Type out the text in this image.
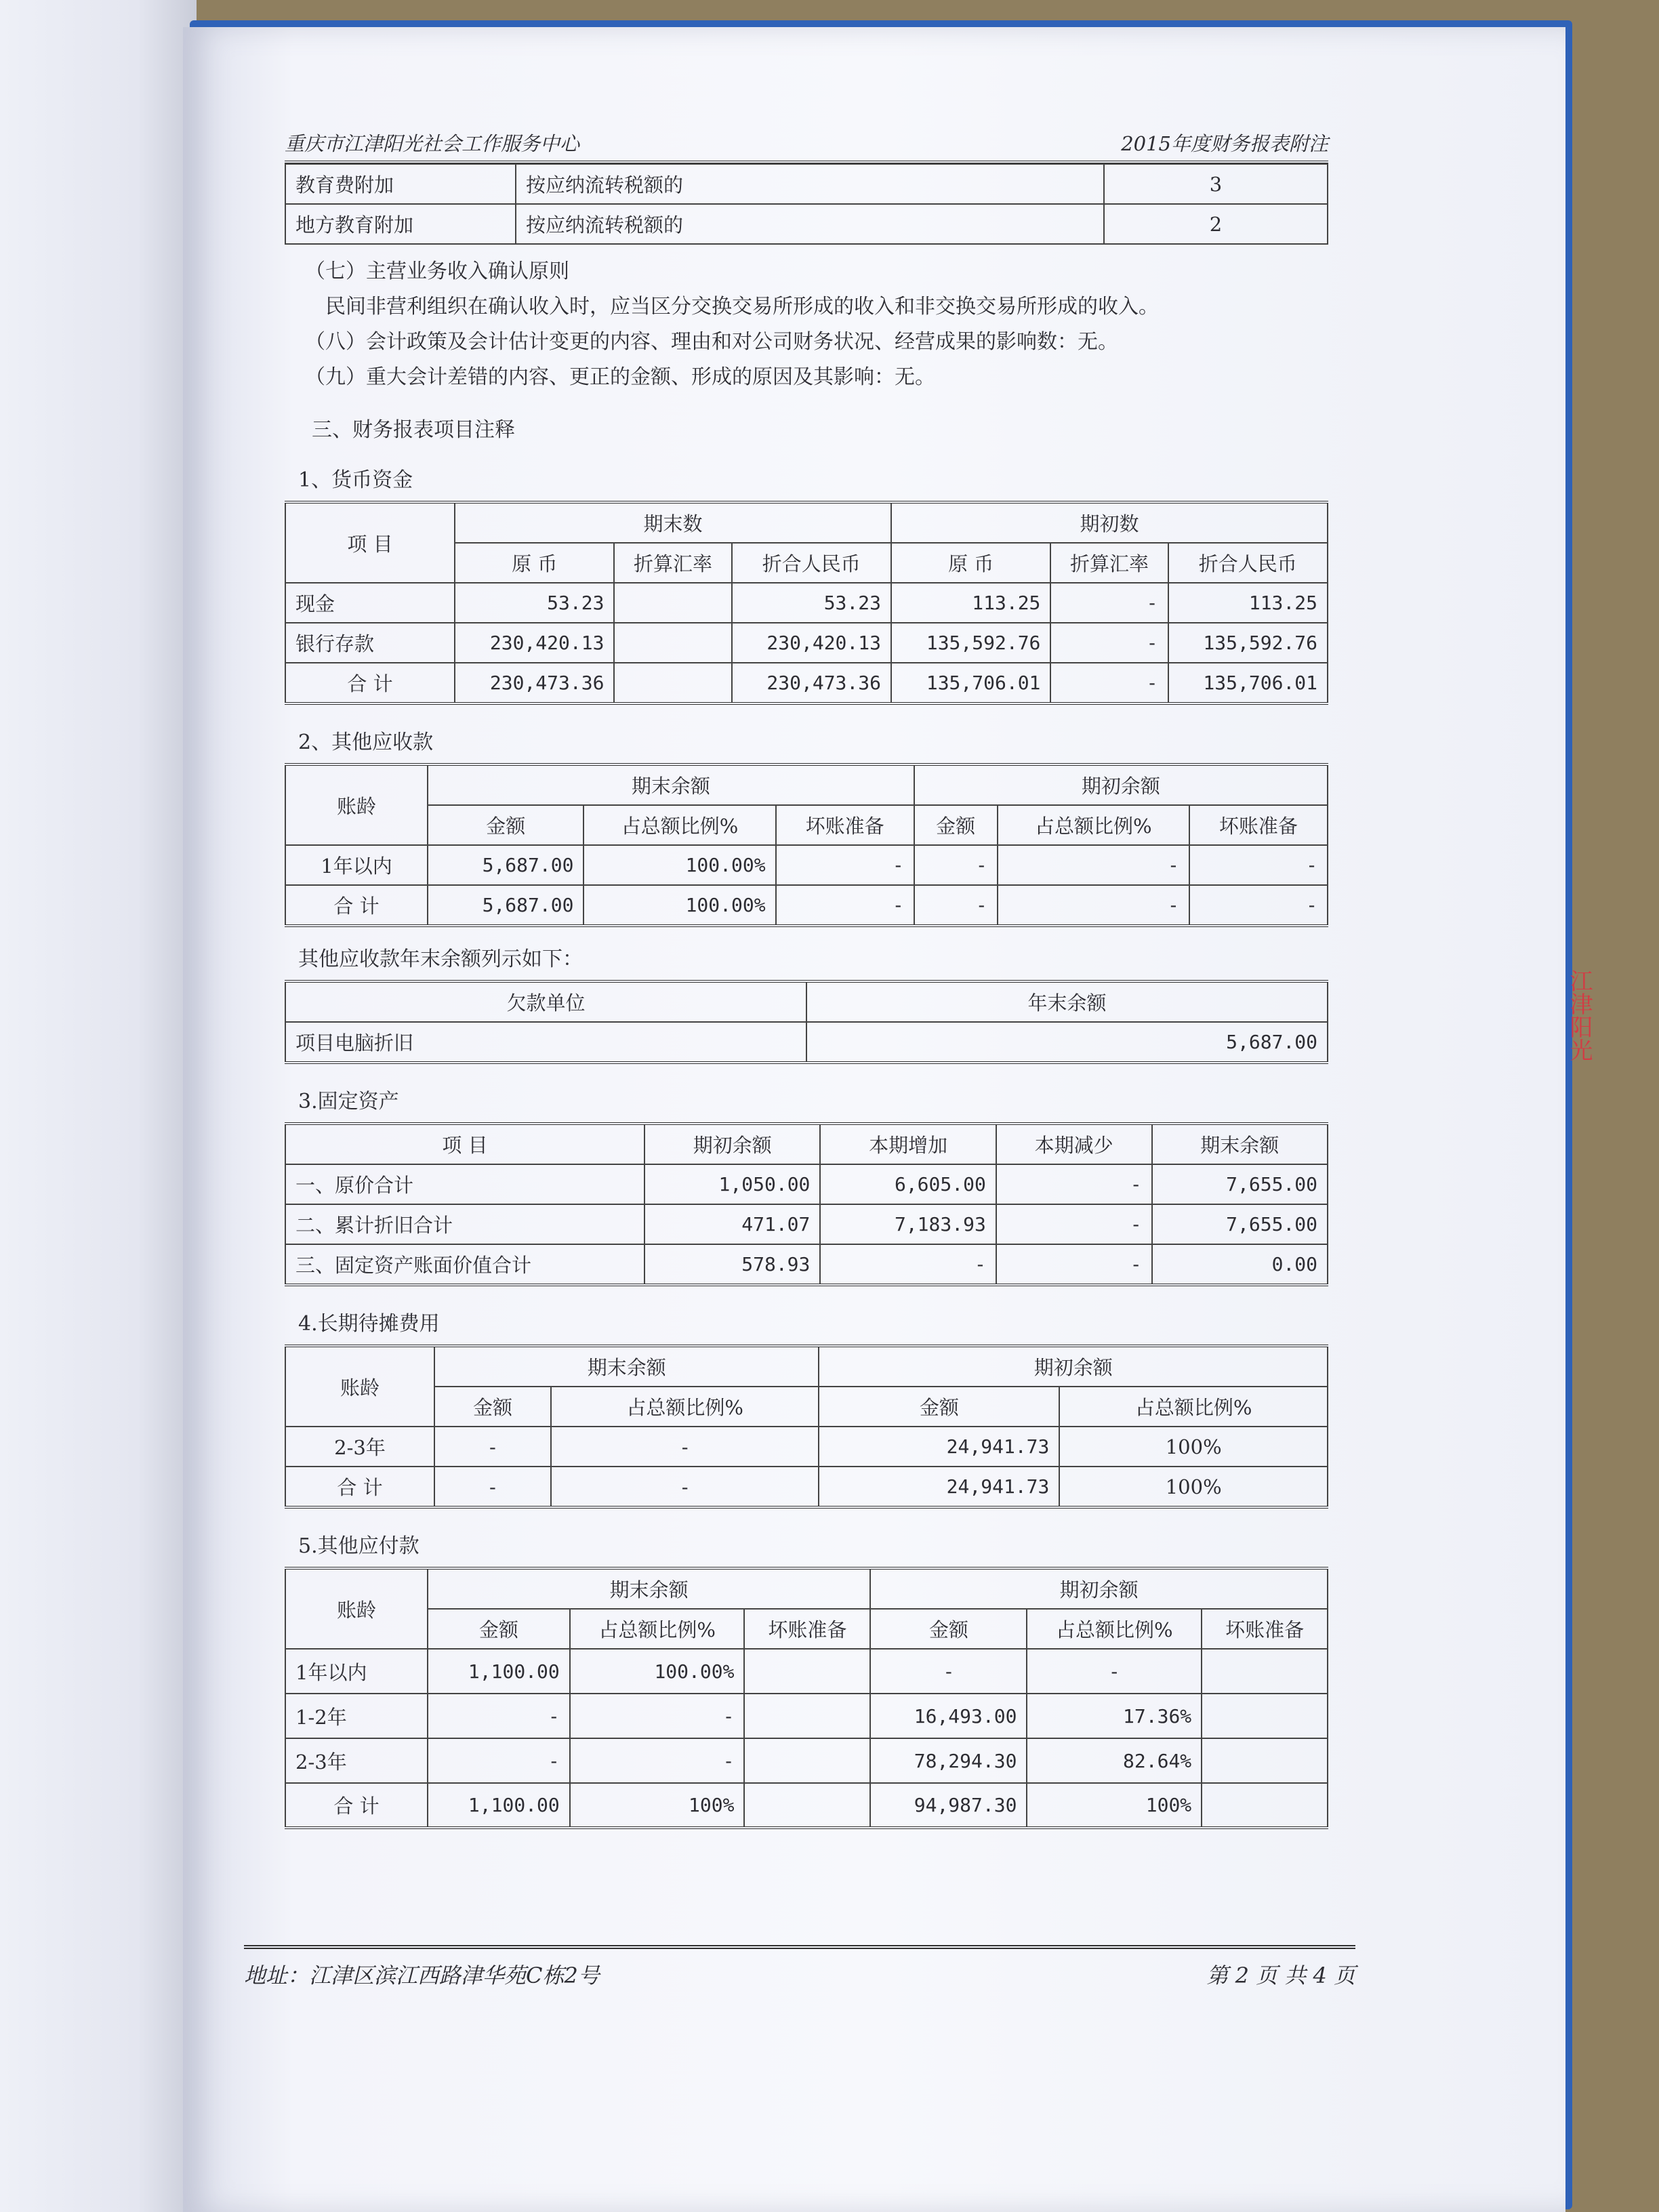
江津阳光
重庆市江津阳光社会工作服务中心	2015年度财务报表附注
教育费附加	按应纳流转税额的	3
地方教育附加	按应纳流转税额的	2
（七）主营业务收入确认原则
民间非营利组织在确认收入时，应当区分交换交易所形成的收入和非交换交易所形成的收入。
（八）会计政策及会计估计变更的内容、理由和对公司财务状况、经营成果的影响数：无。
（九）重大会计差错的内容、更正的金额、形成的原因及其影响：无。
三、财务报表项目注释
1、货币资金
项 目	期末数			期初数		
	原 币	折算汇率	折合人民币	原 币	折算汇率	折合人民币
现金	53.23		53.23	113.25	-	113.25
银行存款	230,420.13		230,420.13	135,592.76	-	135,592.76
合 计	230,473.36		230,473.36	135,706.01	-	135,706.01
2、其他应收款
账龄	期末余额			期初余额		
	金额	占总额比例%	坏账准备	金额	占总额比例%	坏账准备
1年以内	5,687.00	100.00%	-	-	-	-
合 计	5,687.00	100.00%	-	-	-	-
其他应收款年末余额列示如下：
欠款单位	年末余额
项目电脑折旧	5,687.00
3.固定资产
项 目	期初余额	本期增加	本期减少	期末余额
一、原价合计	1,050.00	6,605.00	-	7,655.00
二、累计折旧合计	471.07	7,183.93	-	7,655.00
三、固定资产账面价值合计	578.93	-	-	0.00
4.长期待摊费用
账龄	期末余额		期初余额	
	金额	占总额比例%	金额	占总额比例%
2-3年	-	-	24,941.73	100%
合 计	-	-	24,941.73	100%
5.其他应付款
账龄	期末余额			期初余额		
	金额	占总额比例%	坏账准备	金额	占总额比例%	坏账准备
1年以内	1,100.00	100.00%		-	-	
1-2年	-	-		16,493.00	17.36%	
2-3年	-	-		78,294.30	82.64%	
合 计	1,100.00	100%		94,987.30	100%	
地址：江津区滨江西路津华苑C栋2号	第 2 页 共 4 页
